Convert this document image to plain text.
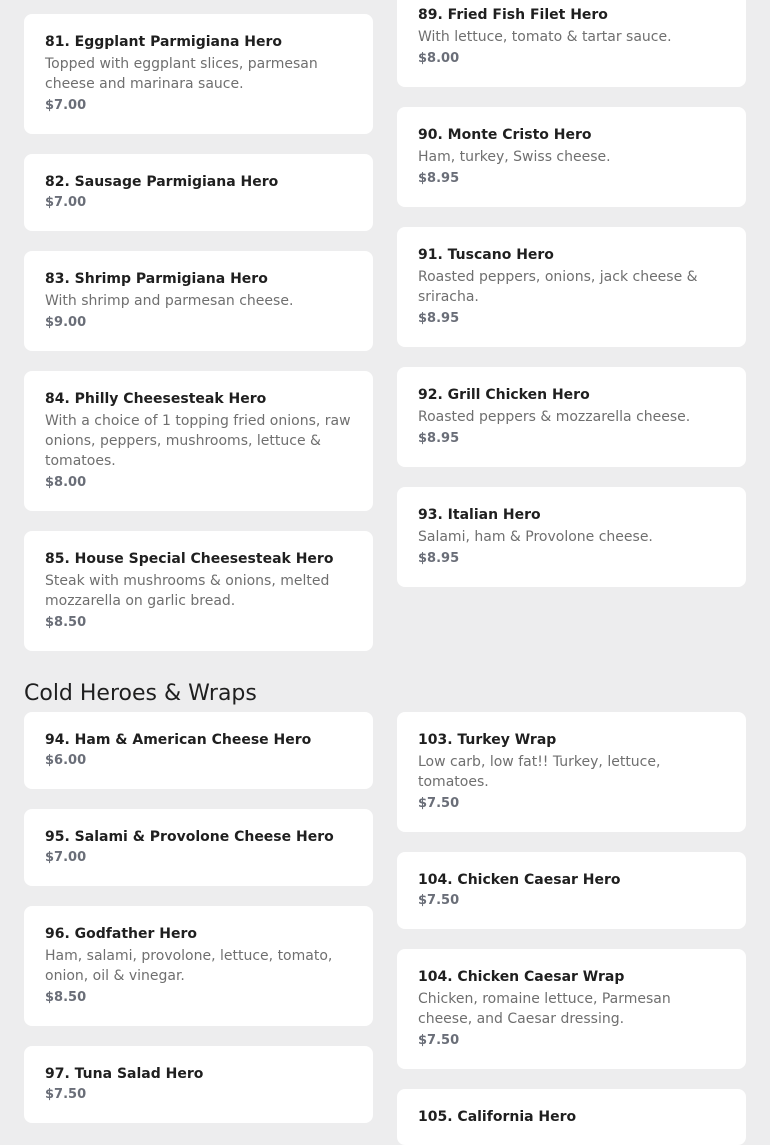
81. Eggplant Parmigiana Hero
Topped with eggplant slices, parmesan cheese and marinara sauce.
$7.00
82. Sausage Parmigiana Hero
$7.00
83. Shrimp Parmigiana Hero
With shrimp and parmesan cheese.
$9.00
84. Philly Cheesesteak Hero
With a choice of 1 topping fried onions, raw onions, peppers, mushrooms, lettuce & tomatoes.
$8.00
85. House Special Cheesesteak Hero
Steak with mushrooms & onions, melted mozzarella on garlic bread.
$8.50
89. Fried Fish Filet Hero
With lettuce, tomato & tartar sauce.
$8.00
90. Monte Cristo Hero
Ham, turkey, Swiss cheese.
$8.95
91. Tuscano Hero
Roasted peppers, onions, jack cheese & sriracha.
$8.95
92. Grill Chicken Hero
Roasted peppers & mozzarella cheese.
$8.95
93. Italian Hero
Salami, ham & Provolone cheese.
$8.95
Cold Heroes & Wraps
94. Ham & American Cheese Hero
$6.00
95. Salami & Provolone Cheese Hero
$7.00
96. Godfather Hero
Ham, salami, provolone, lettuce, tomato, onion, oil & vinegar.
$8.50
97. Tuna Salad Hero
$7.50
103. Turkey Wrap
Low carb, low fat!! Turkey, lettuce, tomatoes.
$7.50
104. Chicken Caesar Hero
$7.50
104. Chicken Caesar Wrap
Chicken, romaine lettuce, Parmesan cheese, and Caesar dressing.
$7.50
105. California Hero
